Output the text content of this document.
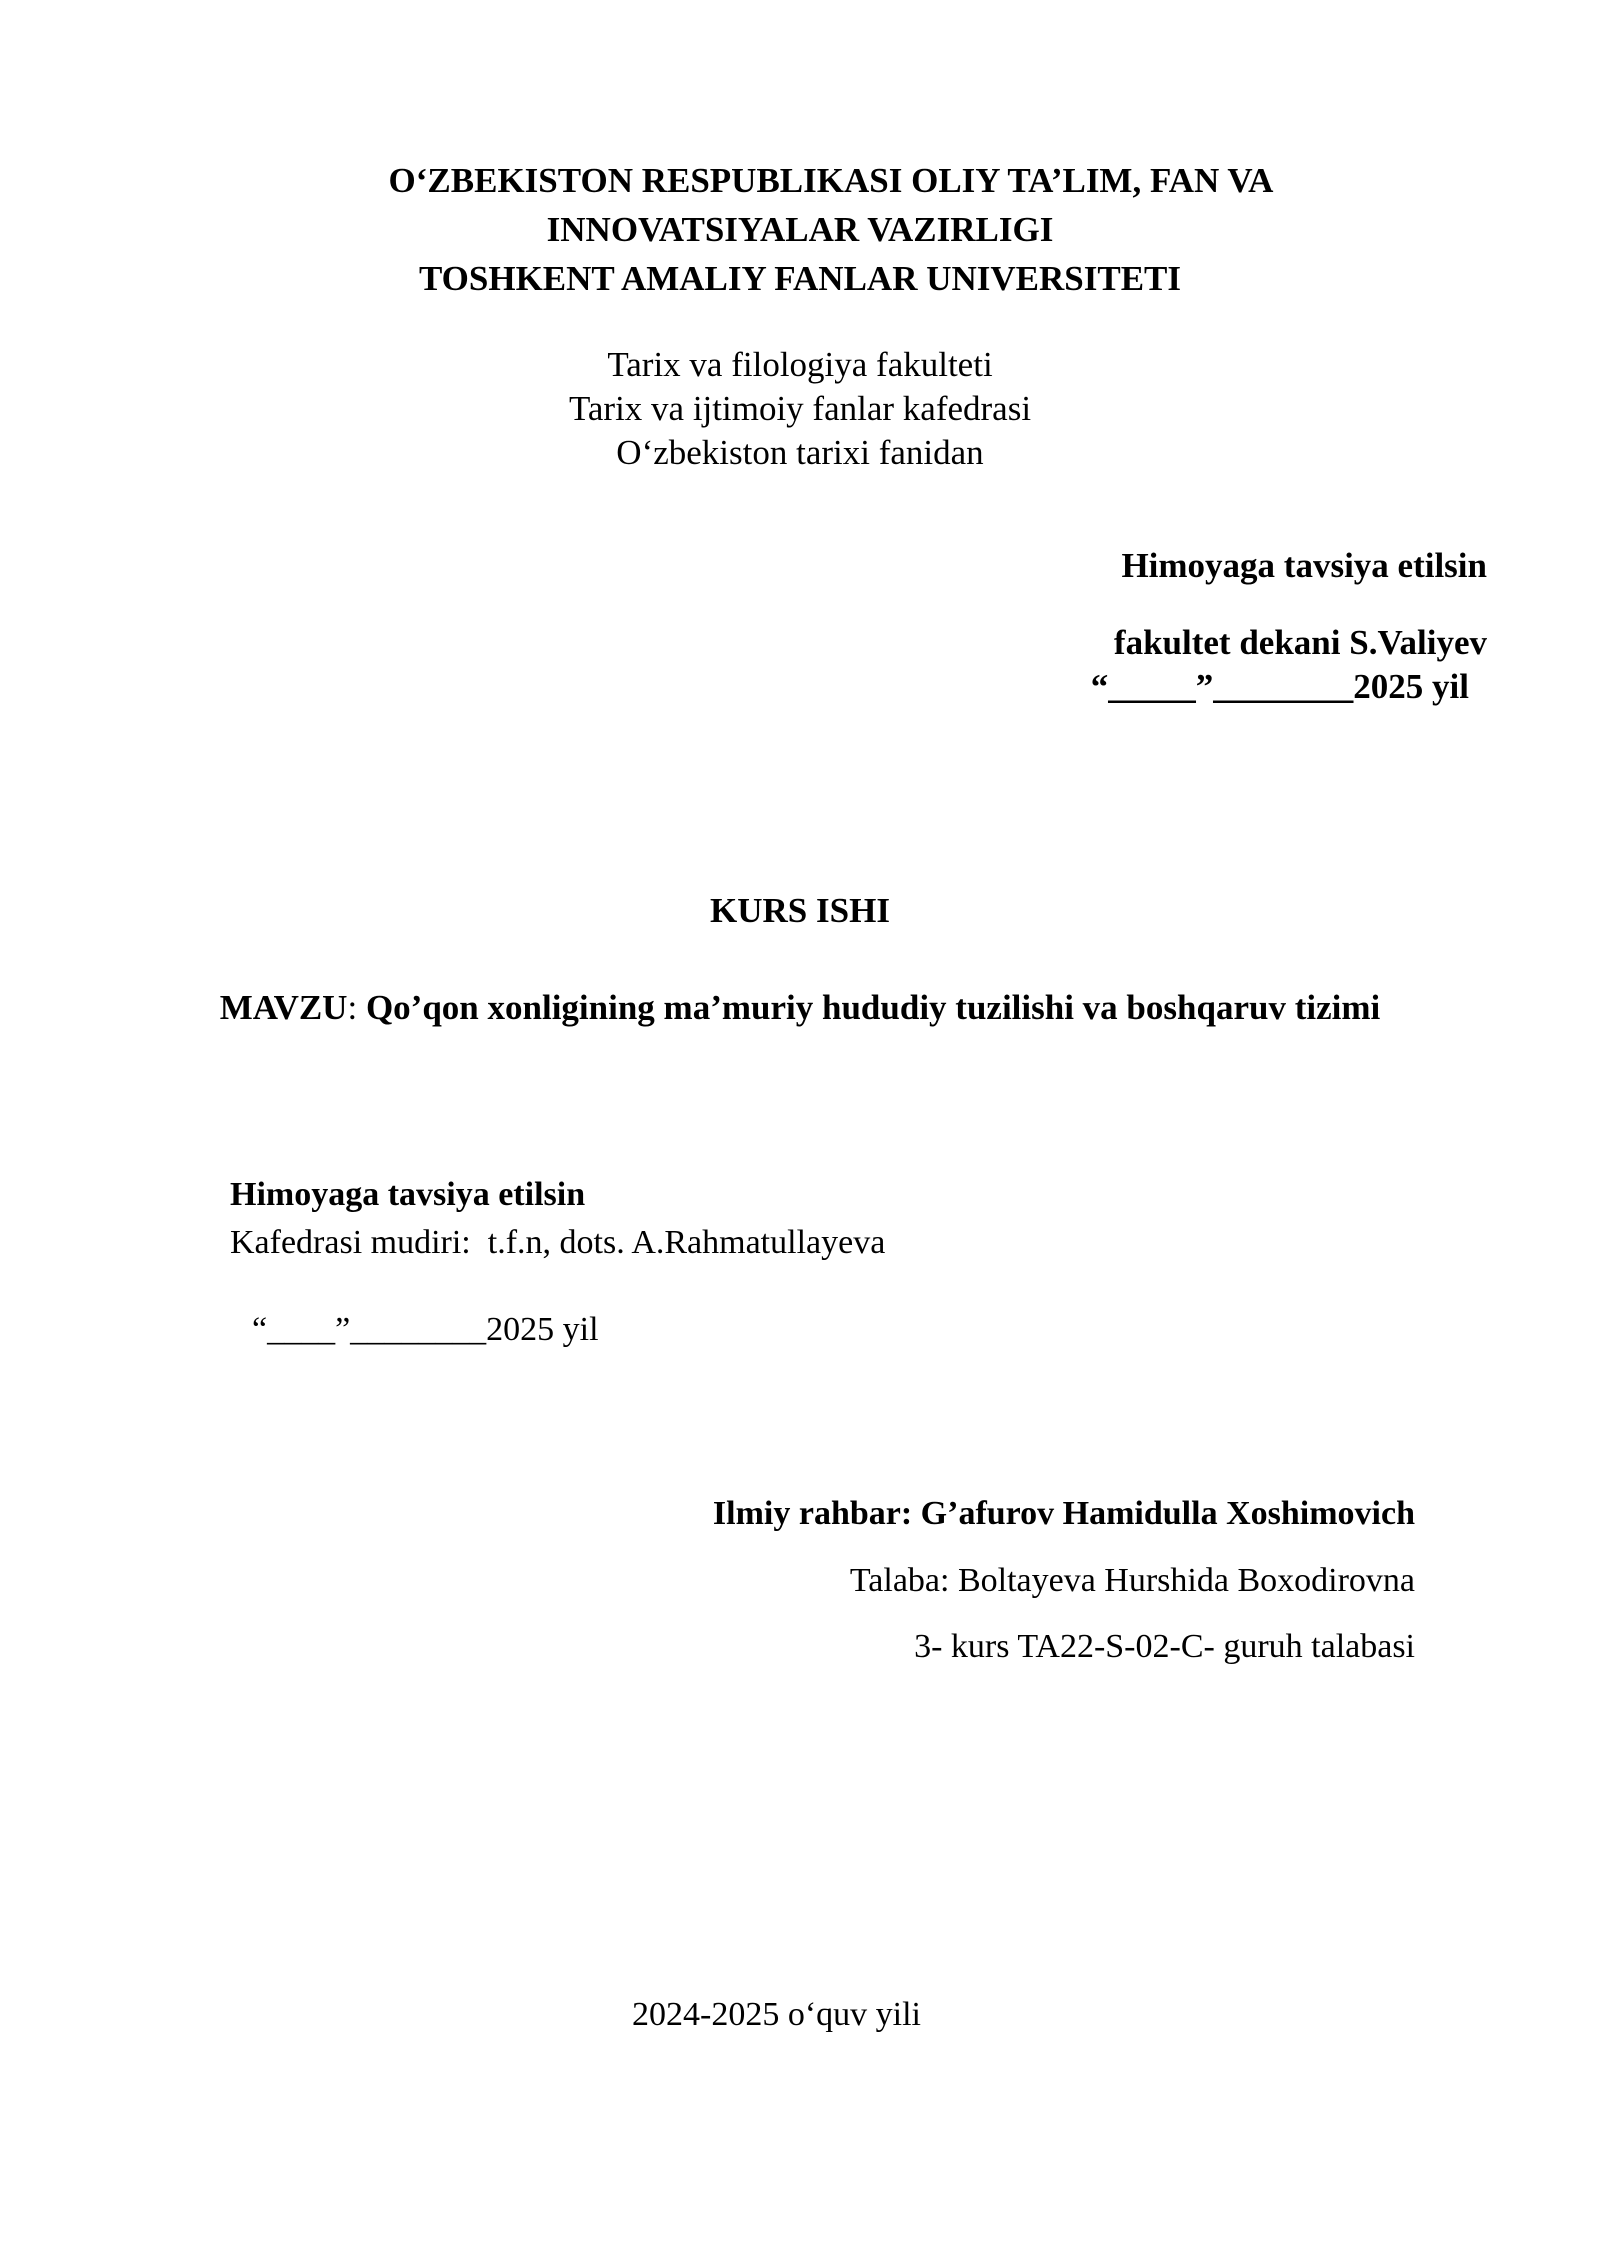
O‘ZBEKISTON RESPUBLIKASI OLIY TA’LIM, FAN VA
INNOVATSIYALAR VAZIRLIGI
TOSHKENT AMALIY FANLAR UNIVERSITETI
Tarix va filologiya fakulteti
Tarix va ijtimoiy fanlar kafedrasi
O‘zbekiston tarixi fanidan
Himoyaga tavsiya etilsin
fakultet dekani S.Valiyev
“_____”________2025 yil
KURS ISHI
MAVZU: Qo’qon xonligining ma’muriy hududiy tuzilishi va boshqaruv tizimi
Himoyaga tavsiya etilsin
Kafedrasi mudiri:  t.f.n, dots. A.Rahmatullayeva
“____”________2025 yil
Ilmiy rahbar: G’afurov Hamidulla Xoshimovich
Talaba: Boltayeva Hurshida Boxodirovna
3- kurs TA22-S-02-C- guruh talabasi
2024-2025 o‘quv yili
